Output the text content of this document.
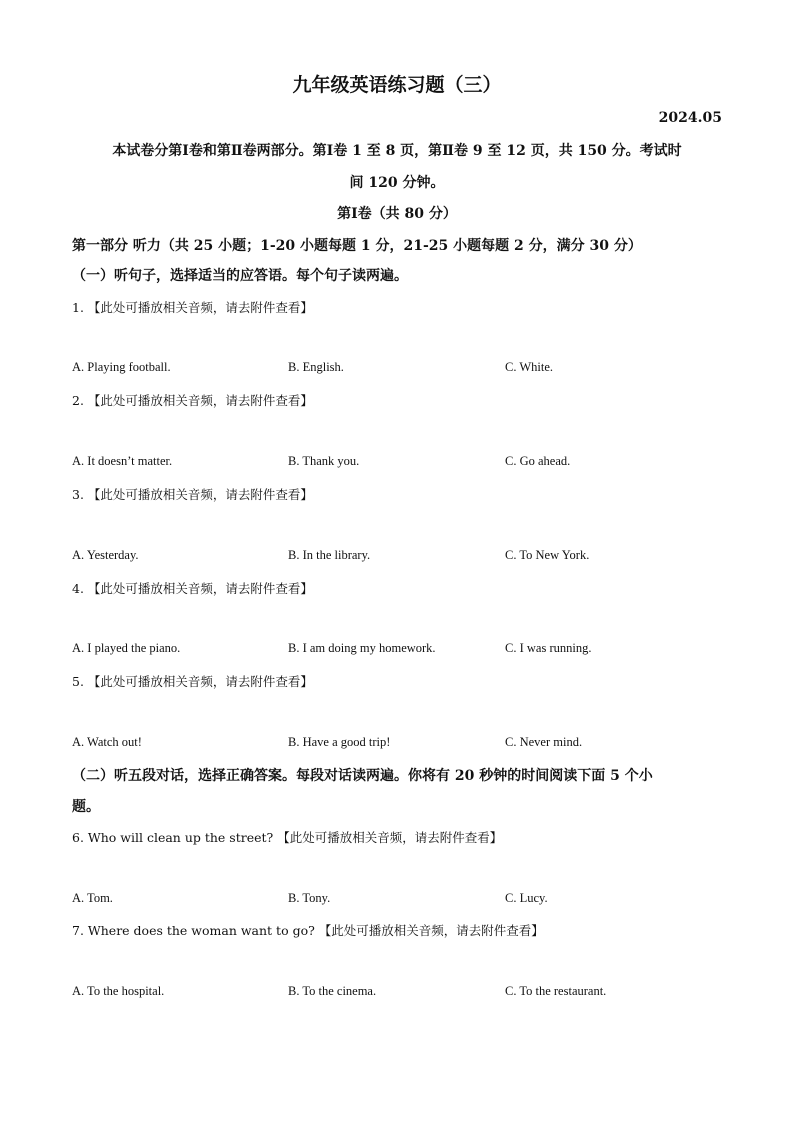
九年级英语练习题（三）
2024.05
本试卷分第Ⅰ卷和第Ⅱ卷两部分。第Ⅰ卷 1 至 8 页，第Ⅱ卷 9 至 12 页，共 150 分。考试时
间 120 分钟。
第Ⅰ卷（共 80 分）
第一部分 听力（共 25 小题；1-20 小题每题 1 分，21-25 小题每题 2 分，满分 30 分）
（一）听句子，选择适当的应答语。每个句子读两遍。
1. 【此处可播放相关音频，请去附件查看】
A. Playing football.	B. English.	C. White.
2. 【此处可播放相关音频，请去附件查看】
A. It doesn’t matter.	B. Thank you.	C. Go ahead.
3. 【此处可播放相关音频，请去附件查看】
A. Yesterday.	B. In the library.	C. To New York.
4. 【此处可播放相关音频，请去附件查看】
A. I played the piano.	B. I am doing my homework.	C. I was running.
5. 【此处可播放相关音频，请去附件查看】
A. Watch out!	B. Have a good trip!	C. Never mind.
（二）听五段对话，选择正确答案。每段对话读两遍。你将有 20 秒钟的时间阅读下面 5 个小
题。
6. Who will clean up the street? 【此处可播放相关音频，请去附件查看】
A. Tom.	B. Tony.	C. Lucy.
7. Where does the woman want to go? 【此处可播放相关音频，请去附件查看】
A. To the hospital.	B. To the cinema.	C. To the restaurant.
